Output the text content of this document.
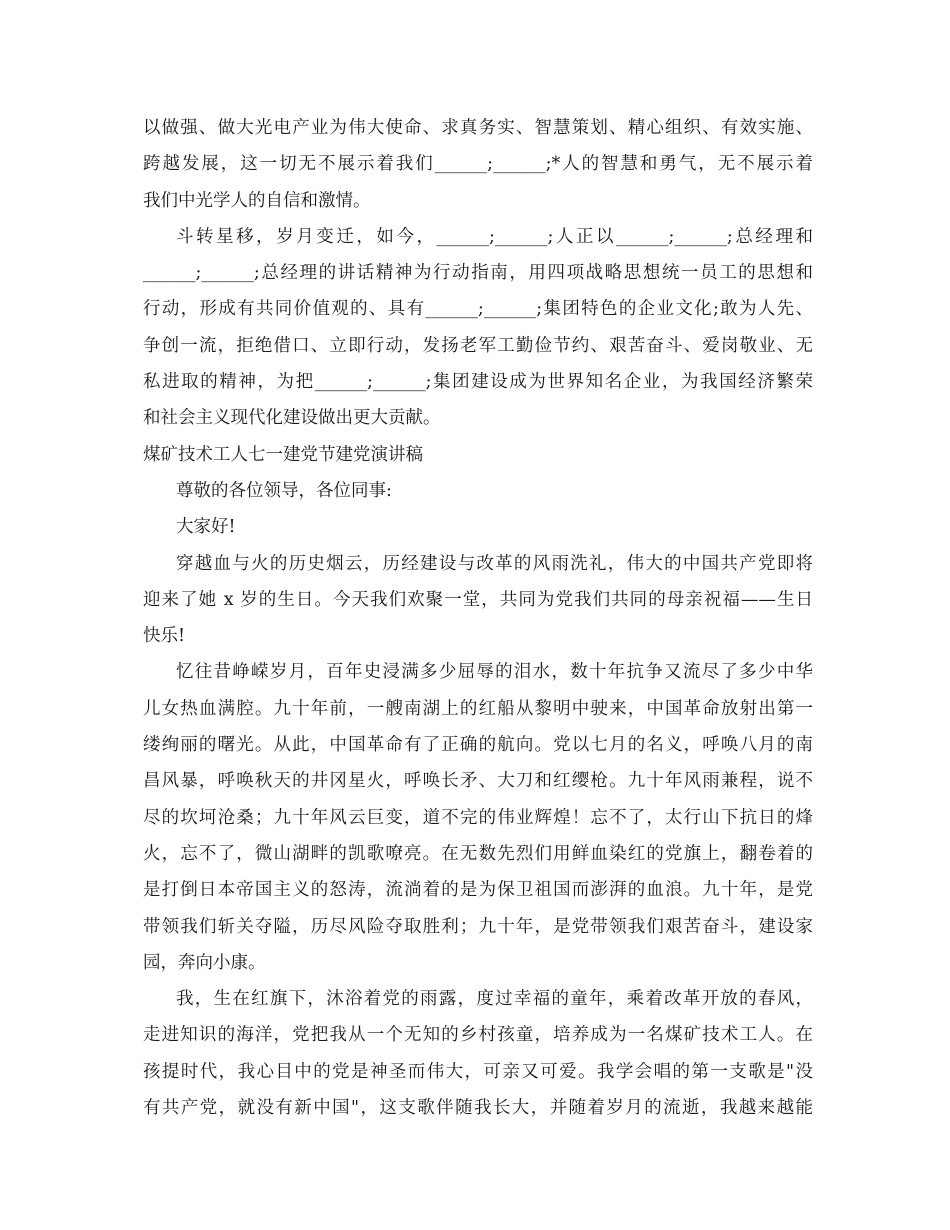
以做强、做大光电产业为伟大使命、求真务实、智慧策划、精心组织、有效实施、
跨越发展，这一切无不展示着我们______;______;*人的智慧和勇气，无不展示着
我们中光学人的自信和激情。
斗转星移，岁月变迁，如今，______;______;人正以______;______;总经理和
______;______;总经理的讲话精神为行动指南，用四项战略思想统一员工的思想和
行动，形成有共同价值观的、具有______;______;集团特色的企业文化;敢为人先、
争创一流，拒绝借口、立即行动，发扬老军工勤俭节约、艰苦奋斗、爱岗敬业、无
私进取的精神，为把______;______;集团建设成为世界知名企业，为我国经济繁荣
和社会主义现代化建设做出更大贡献。
煤矿技术工人七一建党节建党演讲稿
尊敬的各位领导，各位同事:
大家好!
穿越血与火的历史烟云，历经建设与改革的风雨洗礼，伟大的中国共产党即将
迎来了她 x 岁的生日。今天我们欢聚一堂，共同为党我们共同的母亲祝福——生日
快乐!
忆往昔峥嵘岁月，百年史浸满多少屈辱的泪水，数十年抗争又流尽了多少中华
儿女热血满腔。九十年前，一艘南湖上的红船从黎明中驶来，中国革命放射出第一
缕绚丽的曙光。从此，中国革命有了正确的航向。党以七月的名义，呼唤八月的南
昌风暴，呼唤秋天的井冈星火，呼唤长矛、大刀和红缨枪。九十年风雨兼程，说不
尽的坎坷沧桑；九十年风云巨变，道不完的伟业辉煌！忘不了，太行山下抗日的烽
火，忘不了，微山湖畔的凯歌嘹亮。在无数先烈们用鲜血染红的党旗上，翻卷着的
是打倒日本帝国主义的怒涛，流淌着的是为保卫祖国而澎湃的血浪。九十年，是党
带领我们斩关夺隘，历尽风险夺取胜利；九十年，是党带领我们艰苦奋斗，建设家
园，奔向小康。
我，生在红旗下，沐浴着党的雨露，度过幸福的童年，乘着改革开放的春风，
走进知识的海洋，党把我从一个无知的乡村孩童，培养成为一名煤矿技术工人。在
孩提时代，我心目中的党是神圣而伟大，可亲又可爱。我学会唱的第一支歌是"没
有共产党，就没有新中国"，这支歌伴随我长大，并随着岁月的流逝，我越来越能
